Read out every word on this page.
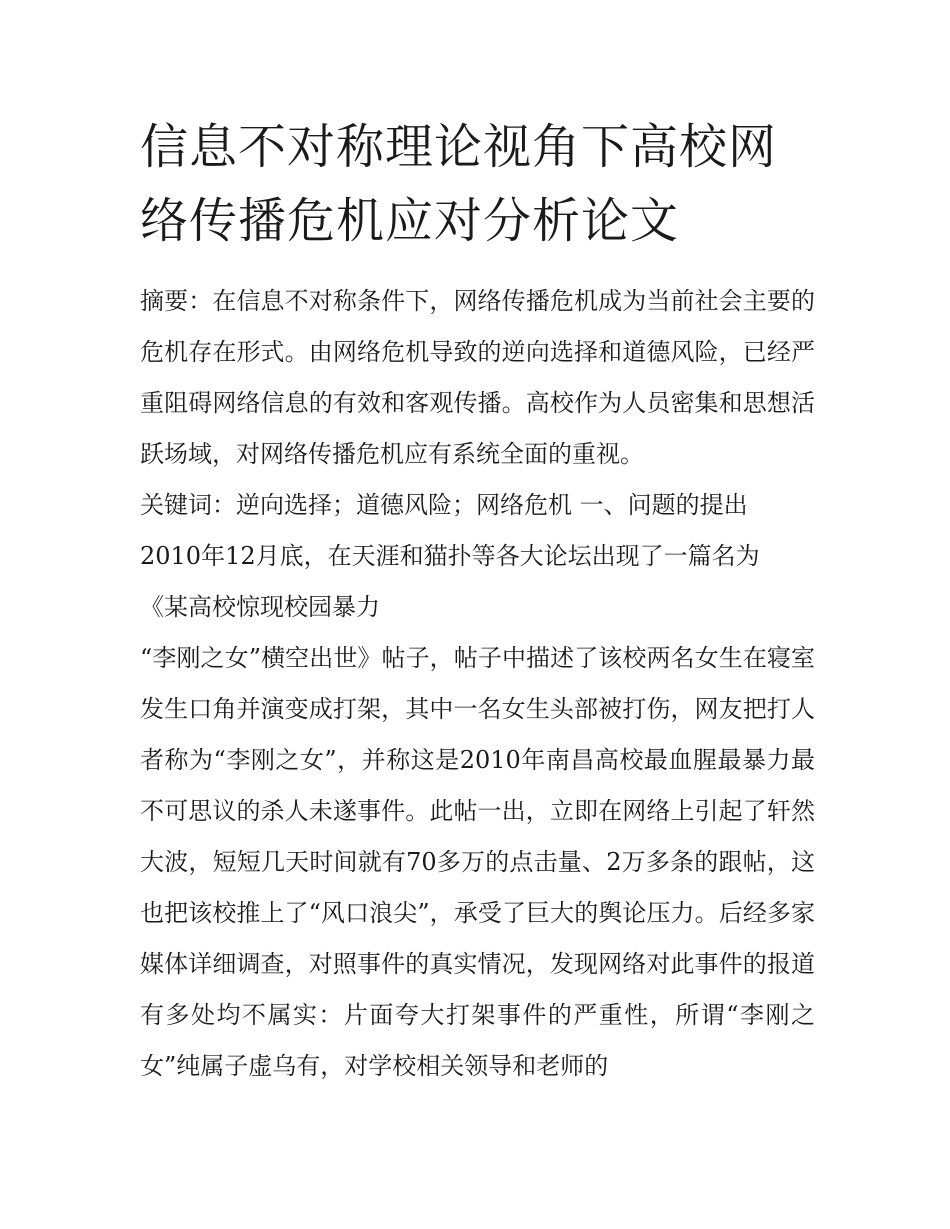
信息不对称理论视角下高校网络传播危机应对分析论文

摘要：在信息不对称条件下，网络传播危机成为当前社会主要的危机存在形式。由网络危机导致的逆向选择和道德风险，已经严重阻碍网络信息的有效和客观传播。高校作为人员密集和思想活跃场域，对网络传播危机应有系统全面的重视。

关键词：逆向选择；道德风险；网络危机 一、问题的提出

2010年12月底，在天涯和猫扑等各大论坛出现了一篇名为

《某高校惊现校园暴力

“李刚之女”横空出世》帖子，帖子中描述了该校两名女生在寝室发生口角并演变成打架，其中一名女生头部被打伤，网友把打人者称为“李刚之女”，并称这是2010年南昌高校最血腥最暴力最不可思议的杀人未遂事件。此帖一出，立即在网络上引起了轩然大波，短短几天时间就有70多万的点击量、2万多条的跟帖，这也把该校推上了“风口浪尖”，承受了巨大的舆论压力。后经多家媒体详细调查，对照事件的真实情况，发现网络对此事件的报道有多处均不属实：片面夸大打架事件的严重性，所谓“李刚之女”纯属子虚乌有，对学校相关领导和老师的
